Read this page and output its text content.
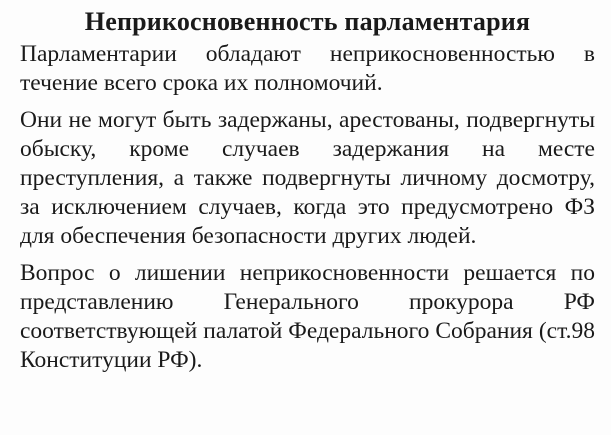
Неприкосновенность парламентария

Парламентарии обладают неприкосновенностью в течение всего срока их полномочий.

Они не могут быть задержаны, арестованы, подвергнуты обыску, кроме случаев задержания на месте преступления, а также подвергнуты личному досмотру, за исключением случаев, когда это предусмотрено ФЗ для обеспечения безопасности других людей.

Вопрос о лишении неприкосновенности решается по представлению Генерального прокурора РФ соответствующей палатой Федерального Собрания (ст.98 Конституции РФ).
